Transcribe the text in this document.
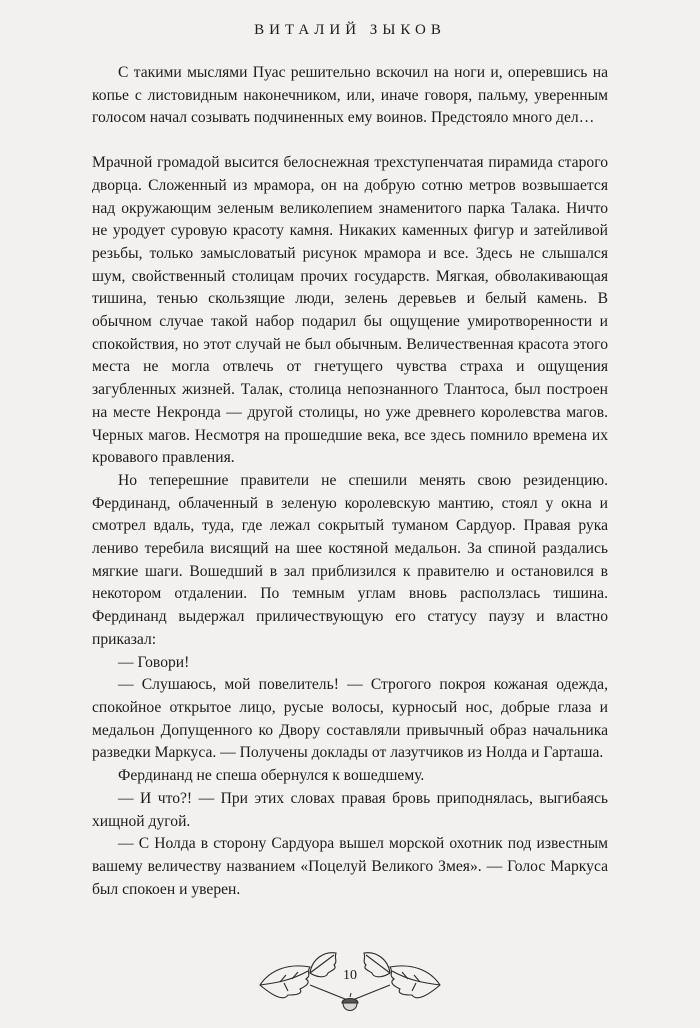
ВИТАЛИЙ ЗЫКОВ

С такими мыслями Пуас решительно вскочил на ноги и, оперевшись на копье с листовидным наконечником, или, иначе говоря, пальму, уверенным голосом начал созывать подчиненных ему воинов. Предстояло много дел…

Мрачной громадой высится белоснежная трехступенчатая пирамида старого дворца. Сложенный из мрамора, он на добрую сотню метров возвышается над окружающим зеленым великолепием знаменитого парка Талака. Ничто не уродует суровую красоту камня. Никаких каменных фигур и затейливой резьбы, только замысловатый рисунок мрамора и все. Здесь не слышался шум, свойственный столицам прочих государств. Мягкая, обволакивающая тишина, тенью скользящие люди, зелень деревьев и белый камень. В обычном случае такой набор подарил бы ощущение умиротворенности и спокойствия, но этот случай не был обычным. Величественная красота этого места не могла отвлечь от гнетущего чувства страха и ощущения загубленных жизней. Талак, столица непознанного Тлантоса, был построен на месте Некронда — другой столицы, но уже древнего королевства магов. Черных магов. Несмотря на прошедшие века, все здесь помнило времена их кровавого правления.

Но теперешние правители не спешили менять свою резиденцию. Фердинанд, облаченный в зеленую королевскую мантию, стоял у окна и смотрел вдаль, туда, где лежал сокрытый туманом Сардуор. Правая рука лениво теребила висящий на шее костяной медальон. За спиной раздались мягкие шаги. Вошедший в зал приблизился к правителю и остановился в некотором отдалении. По темным углам вновь расползлась тишина. Фердинанд выдержал приличествующую его статусу паузу и властно приказал:

— Говори!

— Слушаюсь, мой повелитель! — Строгого покроя кожаная одежда, спокойное открытое лицо, русые волосы, курносый нос, добрые глаза и медальон Допущенного ко Двору составляли привычный образ начальника разведки Маркуса. — Получены доклады от лазутчиков из Нолда и Гарташа.

Фердинанд не спеша обернулся к вошедшему.

— И что?! — При этих словах правая бровь приподнялась, выгибаясь хищной дугой.

— С Нолда в сторону Сардуора вышел морской охотник под известным вашему величеству названием «Поцелуй Великого Змея». — Голос Маркуса был спокоен и уверен.

10
